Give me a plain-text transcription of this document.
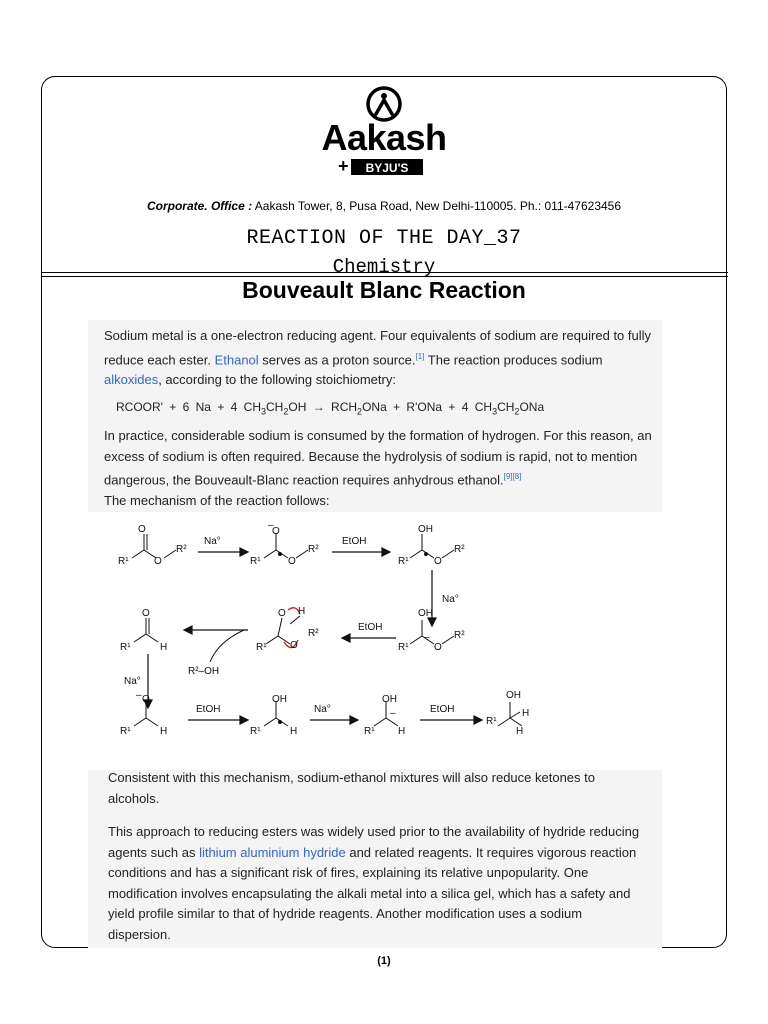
Aakash
+ BYJU'S
Corporate. Office : Aakash Tower, 8, Pusa Road, New Delhi-110005. Ph.: 011-47623456
REACTION OF THE DAY_37
Chemistry
Bouveault Blanc Reaction

Sodium metal is a one-electron reducing agent. Four equivalents of sodium are required to fully reduce each ester. Ethanol serves as a proton source.[1] The reaction produces sodium alkoxides, according to the following stoichiometry:

RCOOR' + 6 Na + 4 $CH_3CH_2OH \to RCH_2ONa + R'ONa + 4$ $CH_3CH_2ONa$

In practice, considerable sodium is consumed by the formation of hydrogen. For this reason, an excess of sodium is often required. Because the hydrolysis of sodium is rapid, not to mention dangerous, the Bouveault-Blanc reaction requires anhydrous ethanol.[9][8]
The mechanism of the reaction follows:

O
R¹	O
R²
Na°
–
O
R¹	O
R²
EtOH
OH
R¹	O
R²
Na°
OH
R¹
–
O
R²
EtOH
O H
R¹ O
R²
O
R¹	H
R²–OH
Na°
– O
R¹	H
EtOH
OH
R¹	H
Na°
OH
R¹ H
–	EtOH
OH
R¹
H
H

Consistent with this mechanism, sodium-ethanol mixtures will also reduce ketones to alcohols.

This approach to reducing esters was widely used prior to the availability of hydride reducing agents such as lithium aluminium hydride and related reagents. It requires vigorous reaction conditions and has a significant risk of fires, explaining its relative unpopularity. One modification involves encapsulating the alkali metal into a silica gel, which has a safety and yield profile similar to that of hydride reagents. Another modification uses a sodium dispersion.

(1)
